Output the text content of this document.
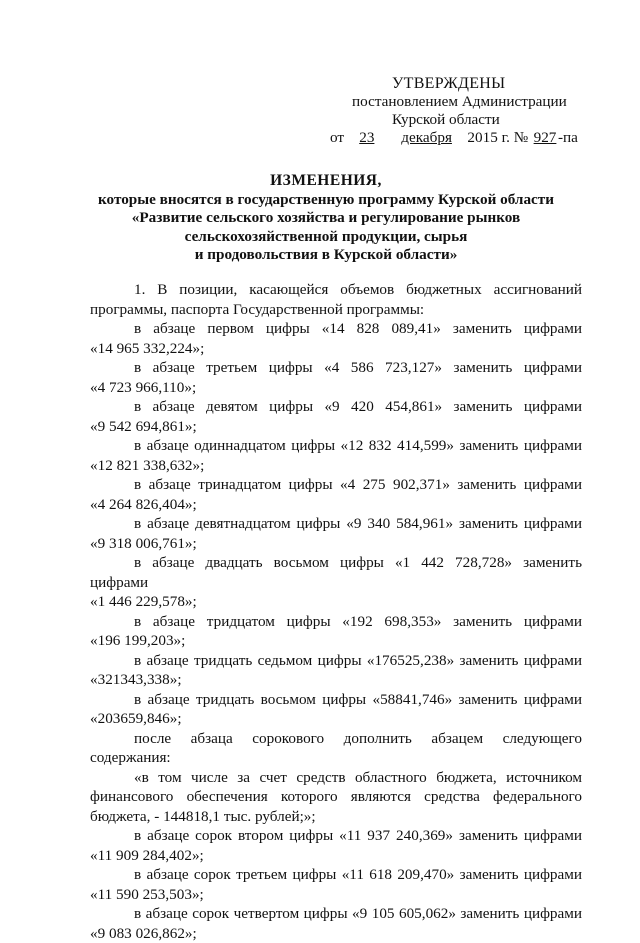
УТВЕРЖДЕНЫ
постановлением Администрации
Курской области
от 23 декабря 2015 г. № 927 -па
ИЗМЕНЕНИЯ,
которые вносятся в государственную программу Курской области
«Развитие сельского хозяйства и регулирование рынков
сельскохозяйственной продукции, сырья
и продовольствия в Курской области»
1. В позиции, касающейся объемов бюджетных ассигнований
программы, паспорта Государственной программы:
в абзаце первом цифры «14 828 089,41» заменить цифрами
«14 965 332,224»;
в абзаце третьем цифры «4 586 723,127» заменить цифрами
«4 723 966,110»;
в абзаце девятом цифры «9 420 454,861» заменить цифрами
«9 542 694,861»;
в абзаце одиннадцатом цифры «12 832 414,599» заменить цифрами
«12 821 338,632»;
в абзаце тринадцатом цифры «4 275 902,371» заменить цифрами
«4 264 826,404»;
в абзаце девятнадцатом цифры «9 340 584,961» заменить цифрами
«9 318 006,761»;
в абзаце двадцать восьмом цифры «1 442 728,728» заменить цифрами
«1 446 229,578»;
в абзаце тридцатом цифры «192 698,353» заменить цифрами
«196 199,203»;
в абзаце тридцать седьмом цифры «176525,238» заменить цифрами
«321343,338»;
в абзаце тридцать восьмом цифры «58841,746» заменить цифрами
«203659,846»;
после абзаца сорокового дополнить абзацем следующего
содержания:
«в том числе за счет средств областного бюджета, источником
финансового обеспечения которого являются средства федерального
бюджета, - 144818,1 тыс. рублей;»;
в абзаце сорок втором цифры «11 937 240,369» заменить цифрами
«11 909 284,402»;
в абзаце сорок третьем цифры «11 618 209,470» заменить цифрами
«11 590 253,503»;
в абзаце сорок четвертом цифры «9 105 605,062» заменить цифрами
«9 083 026,862»;
